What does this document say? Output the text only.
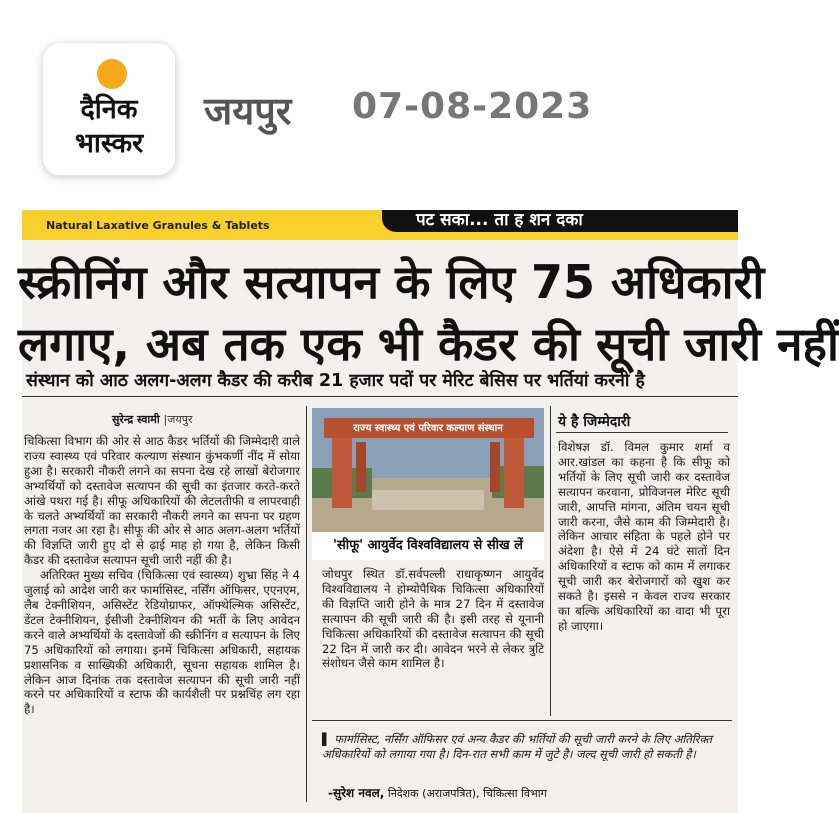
दैनिक
भास्कर
जयपुर 07-08-2023
Natural Laxative Granules & Tablets	पट सका... ता ह शन दका
स्क्रीनिंग और सत्यापन के लिए 75 अधिकारी
लगाए, अब तक एक भी कैडर की सूची जारी नहीं
संस्थान को आठ अलग-अलग कैडर की करीब 21 हजार पदों पर मेरिट बेसिस पर भर्तियां करनी है
सुरेन्द्र स्वामी |जयपुर
चिकित्सा विभाग की ओर से आठ कैडर भर्तियों की जिम्मेदारी वाले राज्य स्वास्थ्य एवं परिवार कल्याण संस्थान कुंभकर्णी नींद में सोया हुआ है। सरकारी नौकरी लगने का सपना देख रहे लाखों बेरोजगार अभ्यर्थियों को दस्तावेज सत्यापन की सूची का इंतजार करते-करते आंखे पथरा गई है। सीफू अधिकारियों की लेटलतीफी व लापरवाही के चलते अभ्यर्थियों का सरकारी नौकरी लगने का सपना पर ग्रहण लगता नजर आ रहा है। सीफू की ओर से आठ अलग-अलग भर्तियों की विज्ञप्ति जारी हुए दो से ढ़ाई माह हो गया है, लेकिन किसी कैडर की दस्तावेज सत्यापन सूची जारी नहीं की है।
अतिरिक्त मुख्य सचिव (चिकित्सा एवं स्वास्थ्य) शुभ्रा सिंह ने 4 जुलाई को आदेश जारी कर फार्मासिस्ट, नर्सिंग ऑफिसर, एएनएम, लैब टेक्नीशियन, असिस्टेंट रेडियोग्राफर, ऑफ्थेल्मिक असिस्टेंट, डेंटल टेक्नीशियन, ईसीजी टेक्नीशियन की भर्ती के लिए आवेदन करने वाले अभ्यर्थियों के दस्तावेजों की स्क्रीनिंग व सत्यापन के लिए 75 अधिकारियों को लगाया। इनमें चिकित्सा अधिकारी, सहायक प्रशासनिक व साख्यिकी अधिकारी, सूचना सहायक शामिल है। लेकिन आज दिनांक तक दस्तावेज सत्यापन की सूची जारी नहीं करने पर अधिकारियों व स्टाफ की कार्यशैली पर प्रश्नचिंह लग रहा है।
राज्य स्वास्थ्य एवं परिवार कल्याण संस्थान
'सीफू' आयुर्वेद विश्वविद्यालय से सीख लें
जोधपुर स्थित डॉ.सर्वपल्ली राधाकृष्णन आयुर्वेद विश्वविद्यालय ने होम्योपैथिक चिकित्सा अधिकारियों की विज्ञप्ति जारी होने के मात्र 27 दिन में दस्तावेज सत्यापन की सूची जारी की है। इसी तरह से यूनानी चिकित्सा अधिकारियों की दस्तावेज सत्यापन की सूची 22 दिन में जारी कर दी। आवेदन भरने से लेकर त्रुटि संशोधन जैसे काम शामिल है।
ये है जिम्मेदारी
विशेषज्ञ डॉ. विमल कुमार शर्मा व आर.खांडल का कहना है कि सीफू को भर्तियों के लिए सूची जारी कर दस्तावेज सत्यापन करवाना, प्रोविजनल मेरिट सूची जारी, आपत्ति मांगना, अंतिम चयन सूची जारी करना, जैसे काम की जिम्मेदारी है। लेकिन आचार संहिता के पहले होने पर अंदेशा है। ऐसे में 24 घंटे सातों दिन अधिकारियों व स्टाफ को काम में लगाकर सूची जारी कर बेरोजगारों को खुश कर सकते है। इससे न केवल राज्य सरकार का बल्कि अधिकारियों का वादा भी पूरा हो जाएगा।
▌ फार्मासिस्ट, नर्सिंग ऑफिसर एवं अन्य कैडर की भर्तियों की सूची जारी करने के लिए अतिरिक्त अधिकारियों को लगाया गया है। दिन-रात सभी काम में जुटे है। जल्द सूची जारी हो सकती है।
-सुरेश नवल, निदेशक (अराजपत्रित), चिकित्सा विभाग
